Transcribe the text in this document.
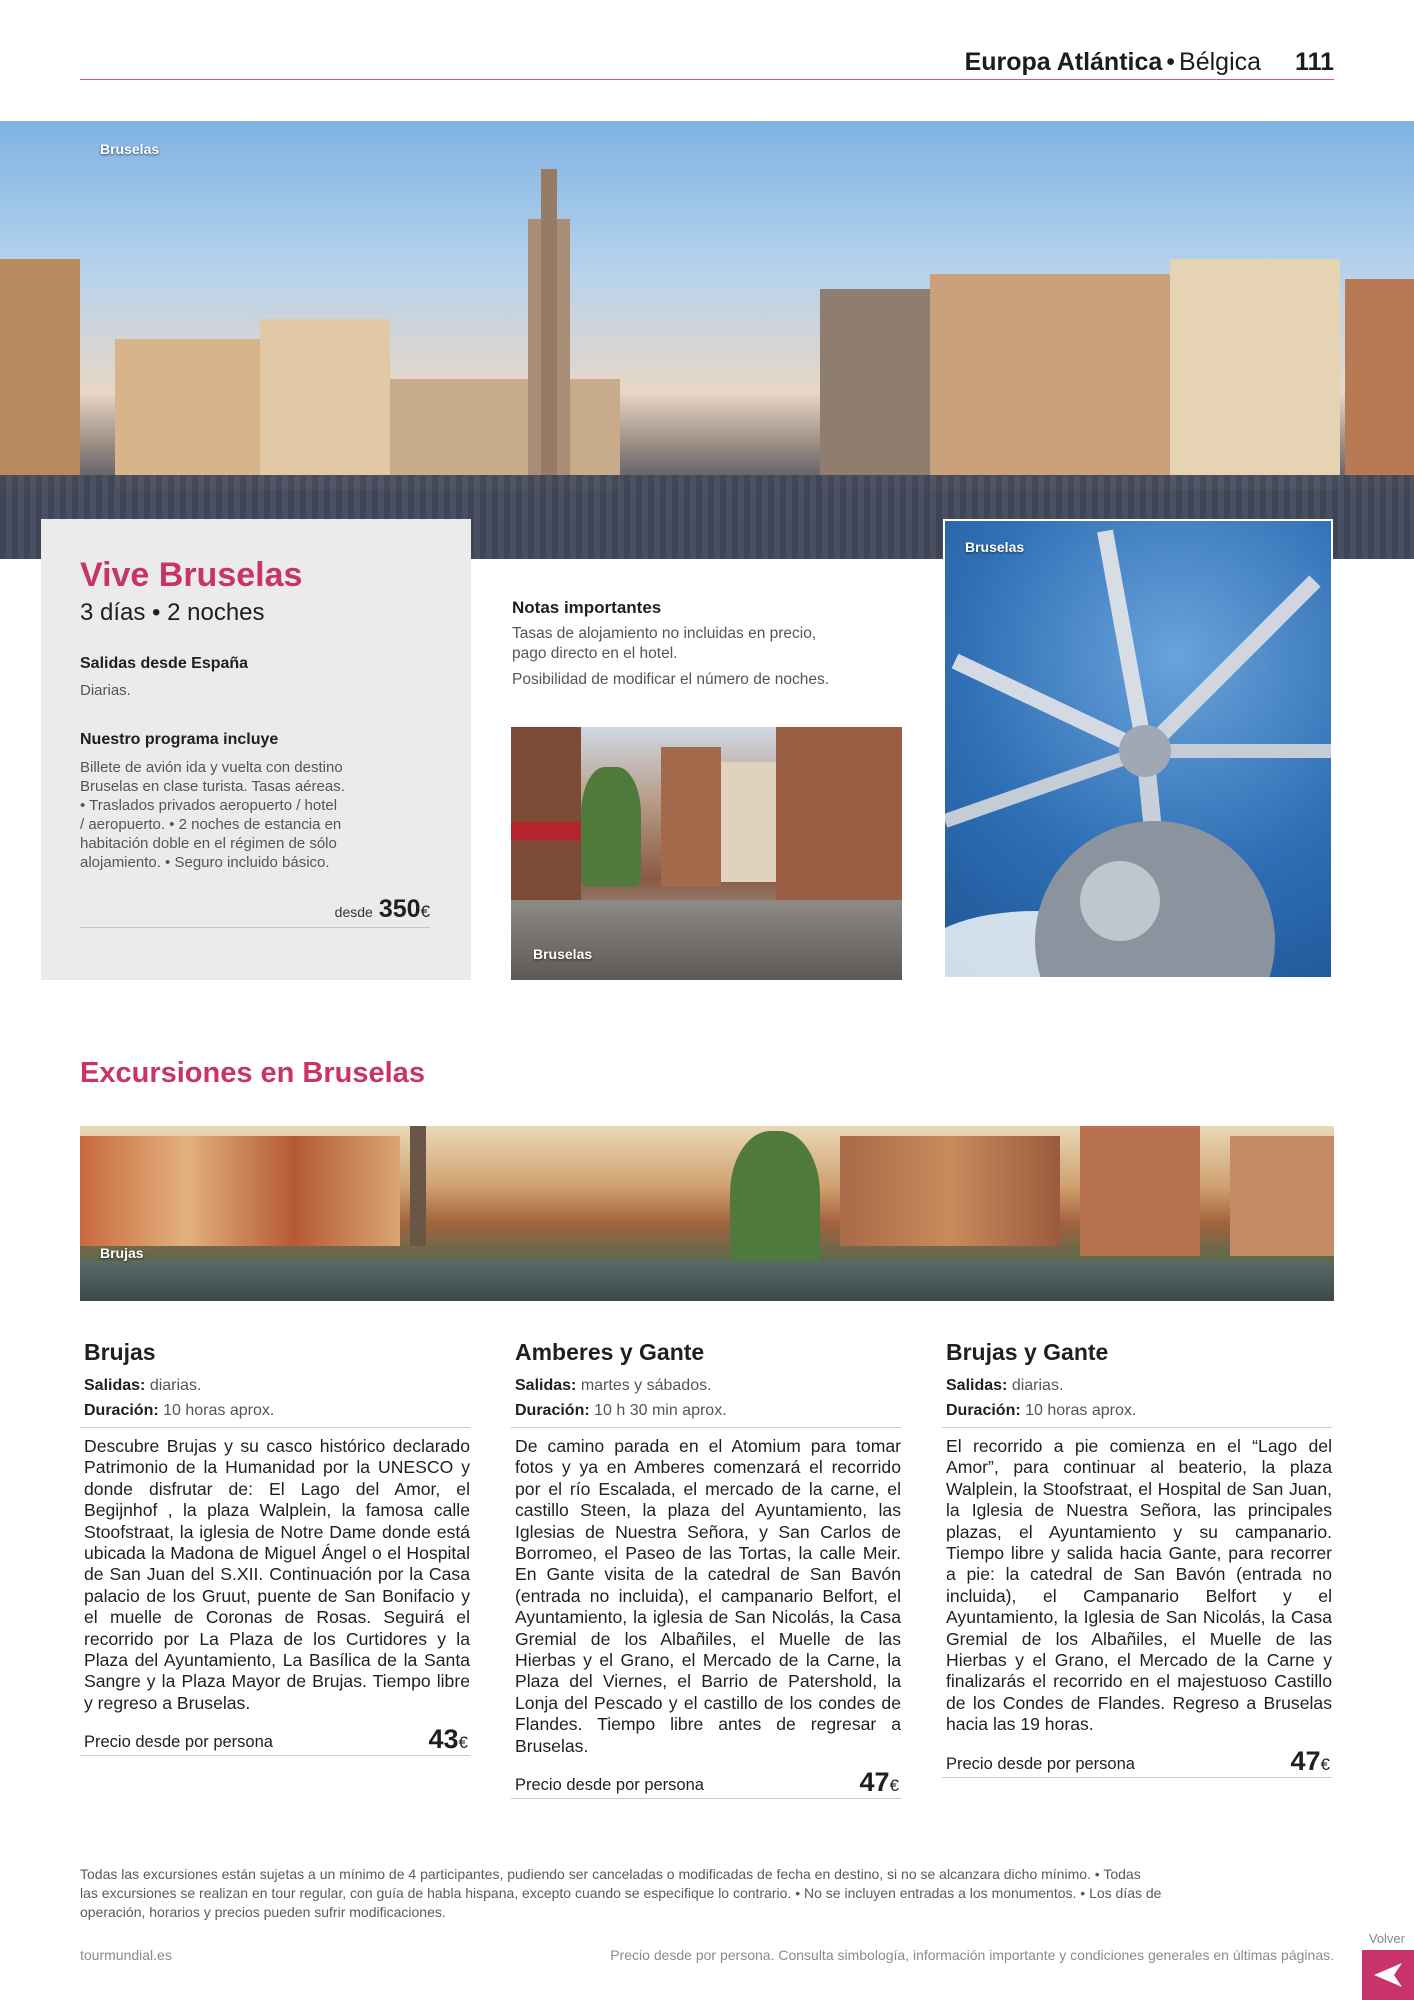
Europa Atlántica • Bélgica 111
Bruselas
Vive Bruselas
3 días • 2 noches
Salidas desde España
Diarias.
Nuestro programa incluye
Billete de avión ida y vuelta con destino
Bruselas en clase turista. Tasas aéreas.
• Traslados privados aeropuerto / hotel
/ aeropuerto. • 2 noches de estancia en
habitación doble en el régimen de sólo
alojamiento. • Seguro incluido básico.
desde 350€
Notas importantes
Tasas de alojamiento no incluidas en precio,
pago directo en el hotel.
Posibilidad de modificar el número de noches.
Bruselas
Bruselas
Excursiones en Bruselas
Brujas
Brujas
Salidas: diarias.
Duración: 10 horas aprox.
Descubre Brujas y su casco histórico declarado Patrimonio de la Humanidad por la UNESCO y donde disfrutar de: El Lago del Amor, el Begijnhof , la plaza Walplein, la famosa calle Stoofstraat, la iglesia de Notre Dame donde está ubicada la Madona de Miguel Ángel o el Hospital de San Juan del S.XII. Continuación por la Casa palacio de los Gruut, puente de San Bonifacio y el muelle de Coronas de Rosas. Seguirá el recorrido por La Plaza de los Curtidores y la Plaza del Ayuntamiento, La Basílica de la Santa Sangre y la Plaza Mayor de Brujas. Tiempo libre y regreso a Bruselas.
Precio desde por persona	43€
Amberes y Gante
Salidas: martes y sábados.
Duración: 10 h 30 min aprox.
De camino parada en el Atomium para tomar fotos y ya en Amberes comenzará el recorrido por el río Escalada, el mercado de la carne, el castillo Steen, la plaza del Ayuntamiento, las Iglesias de Nuestra Señora, y San Carlos de Borromeo, el Paseo de las Tortas, la calle Meir. En Gante visita de la catedral de San Bavón (entrada no incluida), el campanario Belfort, el Ayuntamiento, la iglesia de San Nicolás, la Casa Gremial de los Albañiles, el Muelle de las Hierbas y el Grano, el Mercado de la Carne, la Plaza del Viernes, el Barrio de Patershold, la Lonja del Pescado y el castillo de los condes de Flandes. Tiempo libre antes de regresar a Bruselas.
Precio desde por persona	47€
Brujas y Gante
Salidas: diarias.
Duración: 10 horas aprox.
El recorrido a pie comienza en el “Lago del Amor”, para continuar al beaterio, la plaza Walplein, la Stoofstraat, el Hospital de San Juan, la Iglesia de Nuestra Señora, las principales plazas, el Ayuntamiento y su campanario. Tiempo libre y salida hacia Gante, para recorrer a pie: la catedral de San Bavón (entrada no incluida), el Campanario Belfort y el Ayuntamiento, la Iglesia de San Nicolás, la Casa Gremial de los Albañiles, el Muelle de las Hierbas y el Grano, el Mercado de la Carne y finalizarás el recorrido en el majestuoso Castillo de los Condes de Flandes. Regreso a Bruselas hacia las 19 horas.
Precio desde por persona	47€
Todas las excursiones están sujetas a un mínimo de 4 participantes, pudiendo ser canceladas o modificadas de fecha en destino, si no se alcanzara dicho mínimo. • Todas
las excursiones se realizan en tour regular, con guía de habla hispana, excepto cuando se especifique lo contrario. • No se incluyen entradas a los monumentos. • Los días de
operación, horarios y precios pueden sufrir modificaciones.
tourmundial.es	Precio desde por persona. Consulta simbología, información importante y condiciones generales en últimas páginas.
Volver
